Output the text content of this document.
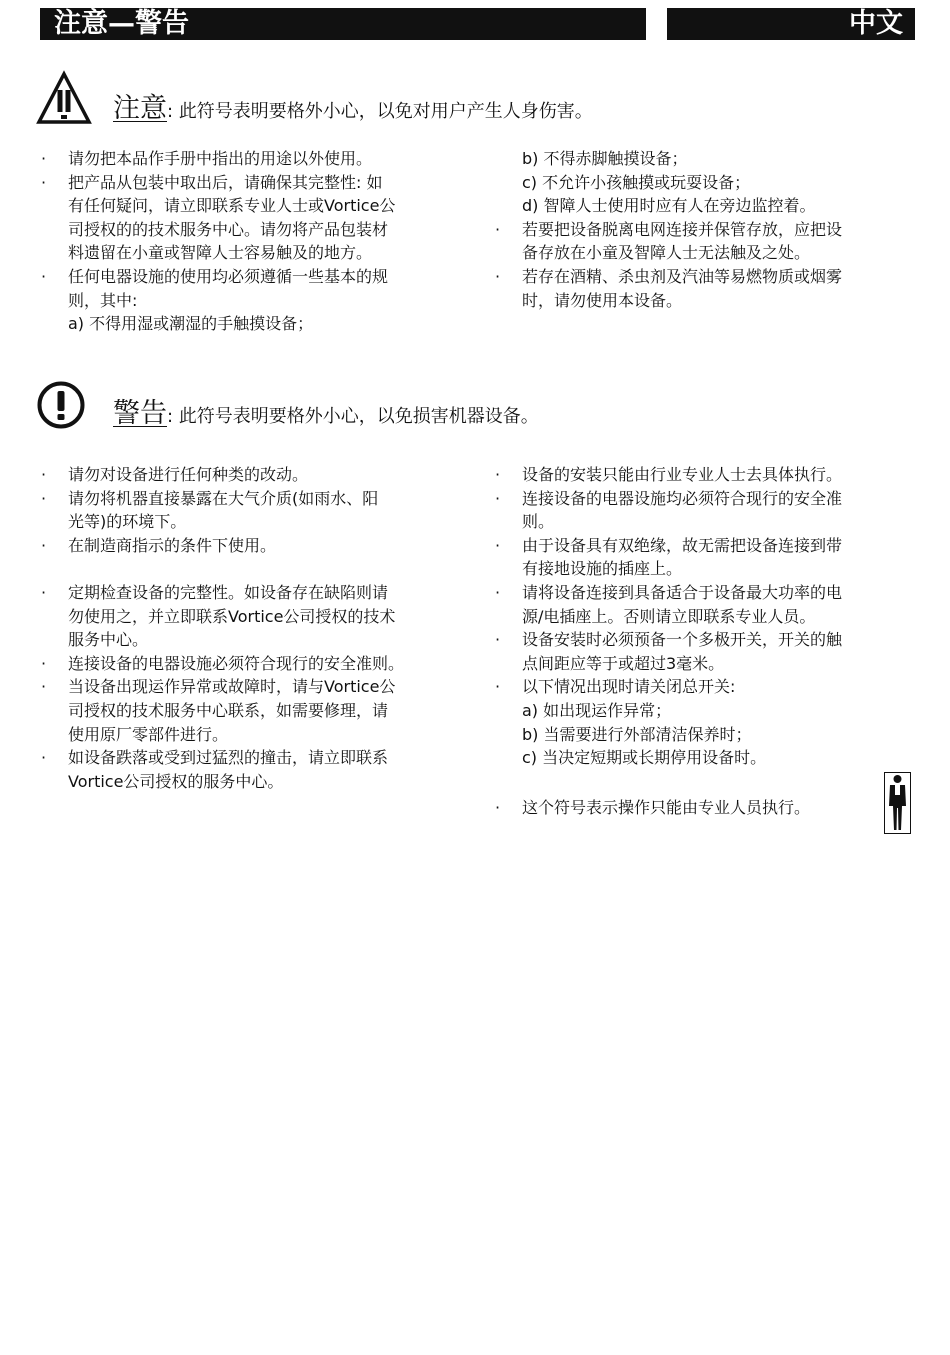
注意—警告	中文
注意: 此符号表明要格外小心，以免对用户产生人身伤害。
· 请勿把本品作手册中指出的用途以外使用。
· 把产品从包装中取出后，请确保其完整性: 如
有任何疑问，请立即联系专业人士或Vortice公
司授权的的技术服务中心。请勿将产品包装材
料遗留在小童或智障人士容易触及的地方。
· 任何电器设施的使用均必须遵循一些基本的规
则，其中:
a) 不得用湿或潮湿的手触摸设备；
b) 不得赤脚触摸设备；
c) 不允许小孩触摸或玩耍设备；
d) 智障人士使用时应有人在旁边监控着。
· 若要把设备脱离电网连接并保管存放，应把设
备存放在小童及智障人士无法触及之处。
· 若存在酒精、杀虫剂及汽油等易燃物质或烟雾
时，请勿使用本设备。
警告: 此符号表明要格外小心，以免损害机器设备。
· 请勿对设备进行任何种类的改动。
· 请勿将机器直接暴露在大气介质(如雨水、阳
光等)的环境下。
· 在制造商指示的条件下使用。
· 定期检查设备的完整性。如设备存在缺陷则请
勿使用之，并立即联系Vortice公司授权的技术
服务中心。
· 连接设备的电器设施必须符合现行的安全准则。
· 当设备出现运作异常或故障时，请与Vortice公
司授权的技术服务中心联系，如需要修理，请
使用原厂零部件进行。
· 如设备跌落或受到过猛烈的撞击，请立即联系
Vortice公司授权的服务中心。
· 设备的安装只能由行业专业人士去具体执行。
· 连接设备的电器设施均必须符合现行的安全准
则。
· 由于设备具有双绝缘，故无需把设备连接到带
有接地设施的插座上。
· 请将设备连接到具备适合于设备最大功率的电
源/电插座上。否则请立即联系专业人员。
· 设备安装时必须预备一个多极开关，开关的触
点间距应等于或超过3毫米。
· 以下情况出现时请关闭总开关:
a) 如出现运作异常；
b) 当需要进行外部清洁保养时；
c) 当决定短期或长期停用设备时。
· 这个符号表示操作只能由专业人员执行。
